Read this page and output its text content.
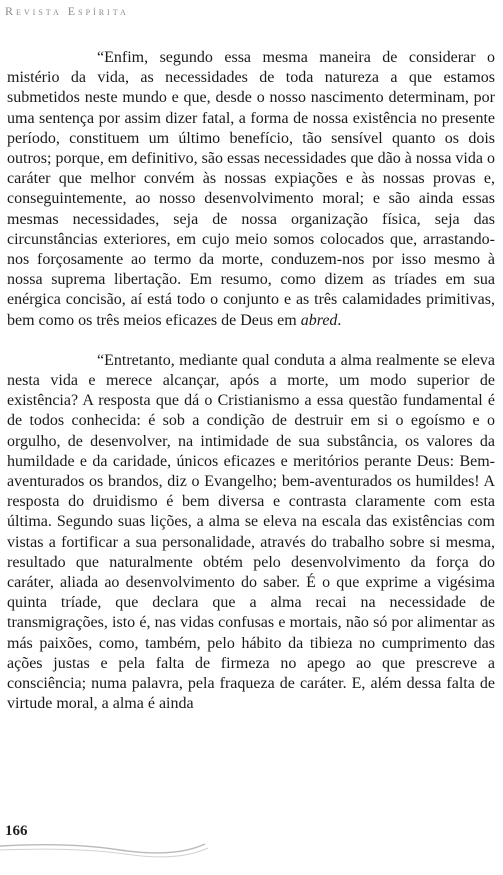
Revista Espírita

“Enfim, segundo essa mesma maneira de considerar o mistério da vida, as necessidades de toda natureza a que estamos submetidos neste mundo e que, desde o nosso nascimento determinam, por uma sentença por assim dizer fatal, a forma de nossa existência no presente período, constituem um último benefício, tão sensível quanto os dois outros; porque, em definitivo, são essas necessidades que dão à nossa vida o caráter que melhor convém às nossas expiações e às nossas provas e, conseguintemente, ao nosso desenvolvimento moral; e são ainda essas mesmas necessidades, seja de nossa organização física, seja das circunstâncias exteriores, em cujo meio somos colocados que, arrastando-nos forçosamente ao termo da morte, conduzem-nos por isso mesmo à nossa suprema libertação. Em resumo, como dizem as tríades em sua enérgica concisão, aí está todo o conjunto e as três calamidades primitivas, bem como os três meios eficazes de Deus em abred.

“Entretanto, mediante qual conduta a alma realmente se eleva nesta vida e merece alcançar, após a morte, um modo superior de existência? A resposta que dá o Cristianismo a essa questão fundamental é de todos conhecida: é sob a condição de destruir em si o egoísmo e o orgulho, de desenvolver, na intimidade de sua substância, os valores da humildade e da caridade, únicos eficazes e meritórios perante Deus: Bem-aventurados os brandos, diz o Evangelho; bem-aventurados os humildes! A resposta do druidismo é bem diversa e contrasta claramente com esta última. Segundo suas lições, a alma se eleva na escala das existências com vistas a fortificar a sua personalidade, através do trabalho sobre si mesma, resultado que naturalmente obtém pelo desenvolvimento da força do caráter, aliada ao desenvolvimento do saber. É o que exprime a vigésima quinta tríade, que declara que a alma recai na necessidade de transmigrações, isto é, nas vidas confusas e mortais, não só por alimentar as más paixões, como, também, pelo hábito da tibieza no cumprimento das ações justas e pela falta de firmeza no apego ao que prescreve a consciência; numa palavra, pela fraqueza de caráter. E, além dessa falta de virtude moral, a alma é ainda

166
